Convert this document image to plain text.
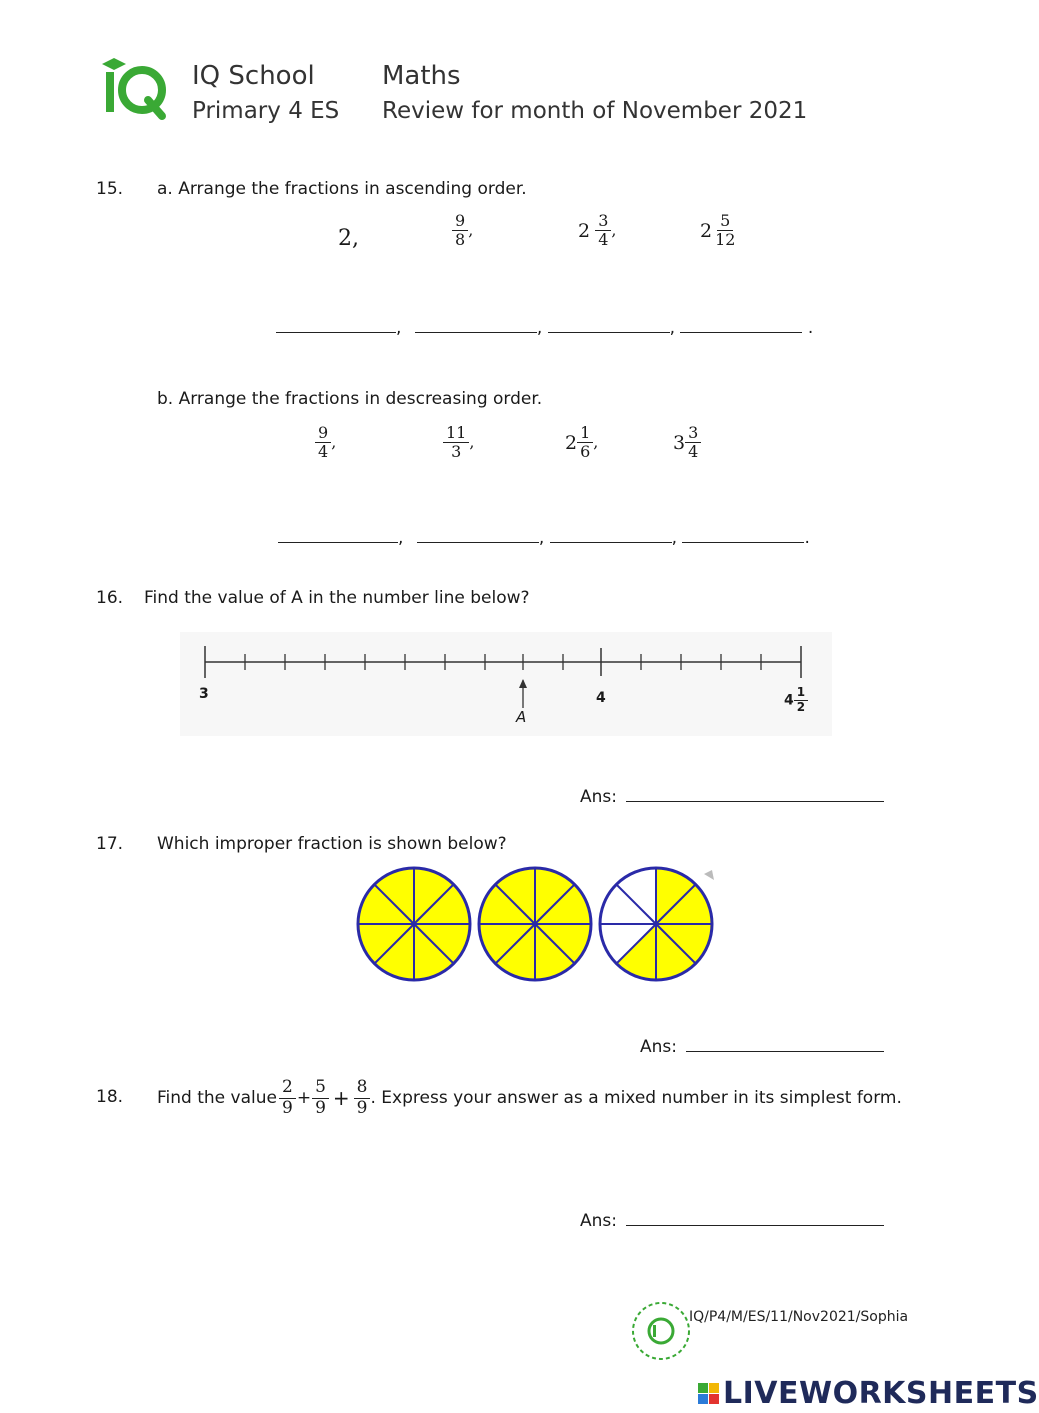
IQ School
Primary 4 ES
Maths
Review for month of November 2021
15. a. Arrange the fractions in ascending order.
2,	$\frac{9}{8}$ ,	$2 \frac{3}{4}$ ,	$2 \frac{5}{12}$
,	,	,	.
b. Arrange the fractions in descreasing order.
$\frac{9}{4}$ ,	$\frac{11}{3}$ ,	$2 \frac{1}{6}$ ,	$3 \frac{3}{4}$
,	,	,	.
16. Find the value of A in the number line below?
3	4
A
$4 \frac{1}{2}$
Ans:
17. Which improper fraction is shown below?
Ans:
18. Find the value $\frac{2}{9} + \frac{5}{9} + \frac{8}{9}$ . Express your answer as a mixed number in its simplest form.
Ans:
IQ/P4/M/ES/11/Nov2021/Sophia
LIVEWORKSHEETS
